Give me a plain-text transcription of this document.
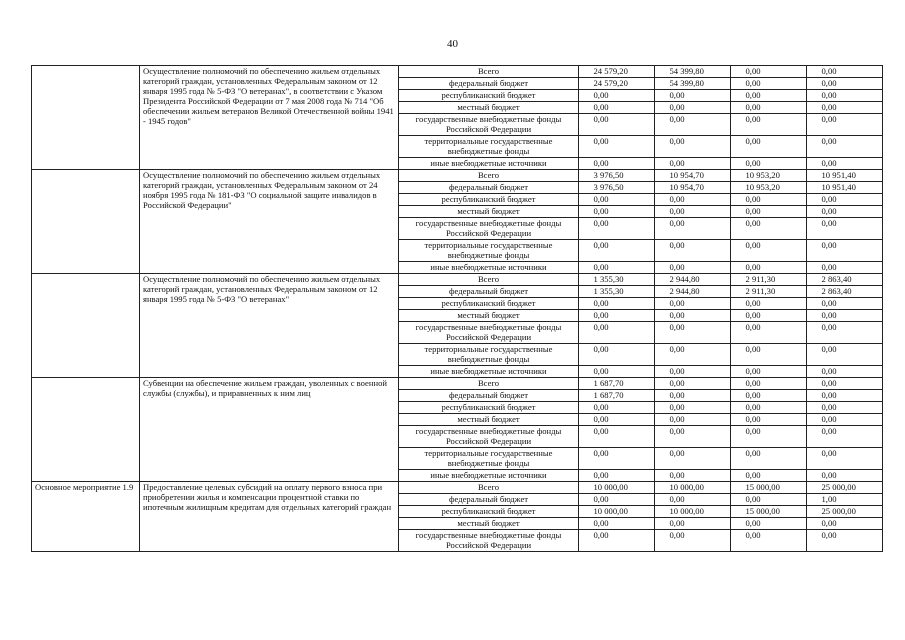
40
	Осуществление полномочий по обеспечению жильем отдельных категорий граждан, установленных Федеральным законом от 12 января 1995 года № 5-ФЗ "О ветеранах", в соответствии с Указом Президента Российской Федерации от 7 мая 2008 года № 714 "Об обеспечении жильем ветеранов Великой Отечественной войны 1941 - 1945 годов"	Всего	24 579,20	54 399,80	0,00	0,00
		федеральный бюджет	24 579,20	54 399,80	0,00	0,00
		республиканский бюджет	0,00	0,00	0,00	0,00
		местный бюджет	0,00	0,00	0,00	0,00
		государственные внебюджетные фонды Российской Федерации	0,00	0,00	0,00	0,00
		территориальные государственные внебюджетные фонды	0,00	0,00	0,00	0,00
		иные внебюджетные источники	0,00	0,00	0,00	0,00
	Осуществление полномочий по обеспечению жильем отдельных категорий граждан, установленных Федеральным законом от 24 ноября 1995 года № 181-ФЗ "О социальной защите инвалидов в Российской Федерации"	Всего	3 976,50	10 954,70	10 953,20	10 951,40
		федеральный бюджет	3 976,50	10 954,70	10 953,20	10 951,40
		республиканский бюджет	0,00	0,00	0,00	0,00
		местный бюджет	0,00	0,00	0,00	0,00
		государственные внебюджетные фонды Российской Федерации	0,00	0,00	0,00	0,00
		территориальные государственные внебюджетные фонды	0,00	0,00	0,00	0,00
		иные внебюджетные источники	0,00	0,00	0,00	0,00
	Осуществление полномочий по обеспечению жильем отдельных категорий граждан, установленных Федеральным законом от 12 января 1995 года № 5-ФЗ "О ветеранах"	Всего	1 355,30	2 944,80	2 911,30	2 863,40
		федеральный бюджет	1 355,30	2 944,80	2 911,30	2 863,40
		республиканский бюджет	0,00	0,00	0,00	0,00
		местный бюджет	0,00	0,00	0,00	0,00
		государственные внебюджетные фонды Российской Федерации	0,00	0,00	0,00	0,00
		территориальные государственные внебюджетные фонды	0,00	0,00	0,00	0,00
		иные внебюджетные источники	0,00	0,00	0,00	0,00
	Субвенции на обеспечение жильем граждан, уволенных с военной службы (службы), и приравненных к ним лиц	Всего	1 687,70	0,00	0,00	0,00
		федеральный бюджет	1 687,70	0,00	0,00	0,00
		республиканский бюджет	0,00	0,00	0,00	0,00
		местный бюджет	0,00	0,00	0,00	0,00
		государственные внебюджетные фонды Российской Федерации	0,00	0,00	0,00	0,00
		территориальные государственные внебюджетные фонды	0,00	0,00	0,00	0,00
		иные внебюджетные источники	0,00	0,00	0,00	0,00
Основное мероприятие 1.9	Предоставление целевых субсидий на оплату первого взноса при приобретении жилья и компенсации процентной ставки по ипотечным жилищным кредитам для отдельных категорий граждан	Всего	10 000,00	10 000,00	15 000,00	25 000,00
		федеральный бюджет	0,00	0,00	0,00	1,00
		республиканский бюджет	10 000,00	10 000,00	15 000,00	25 000,00
		местный бюджет	0,00	0,00	0,00	0,00
		государственные внебюджетные фонды Российской Федерации	0,00	0,00	0,00	0,00
